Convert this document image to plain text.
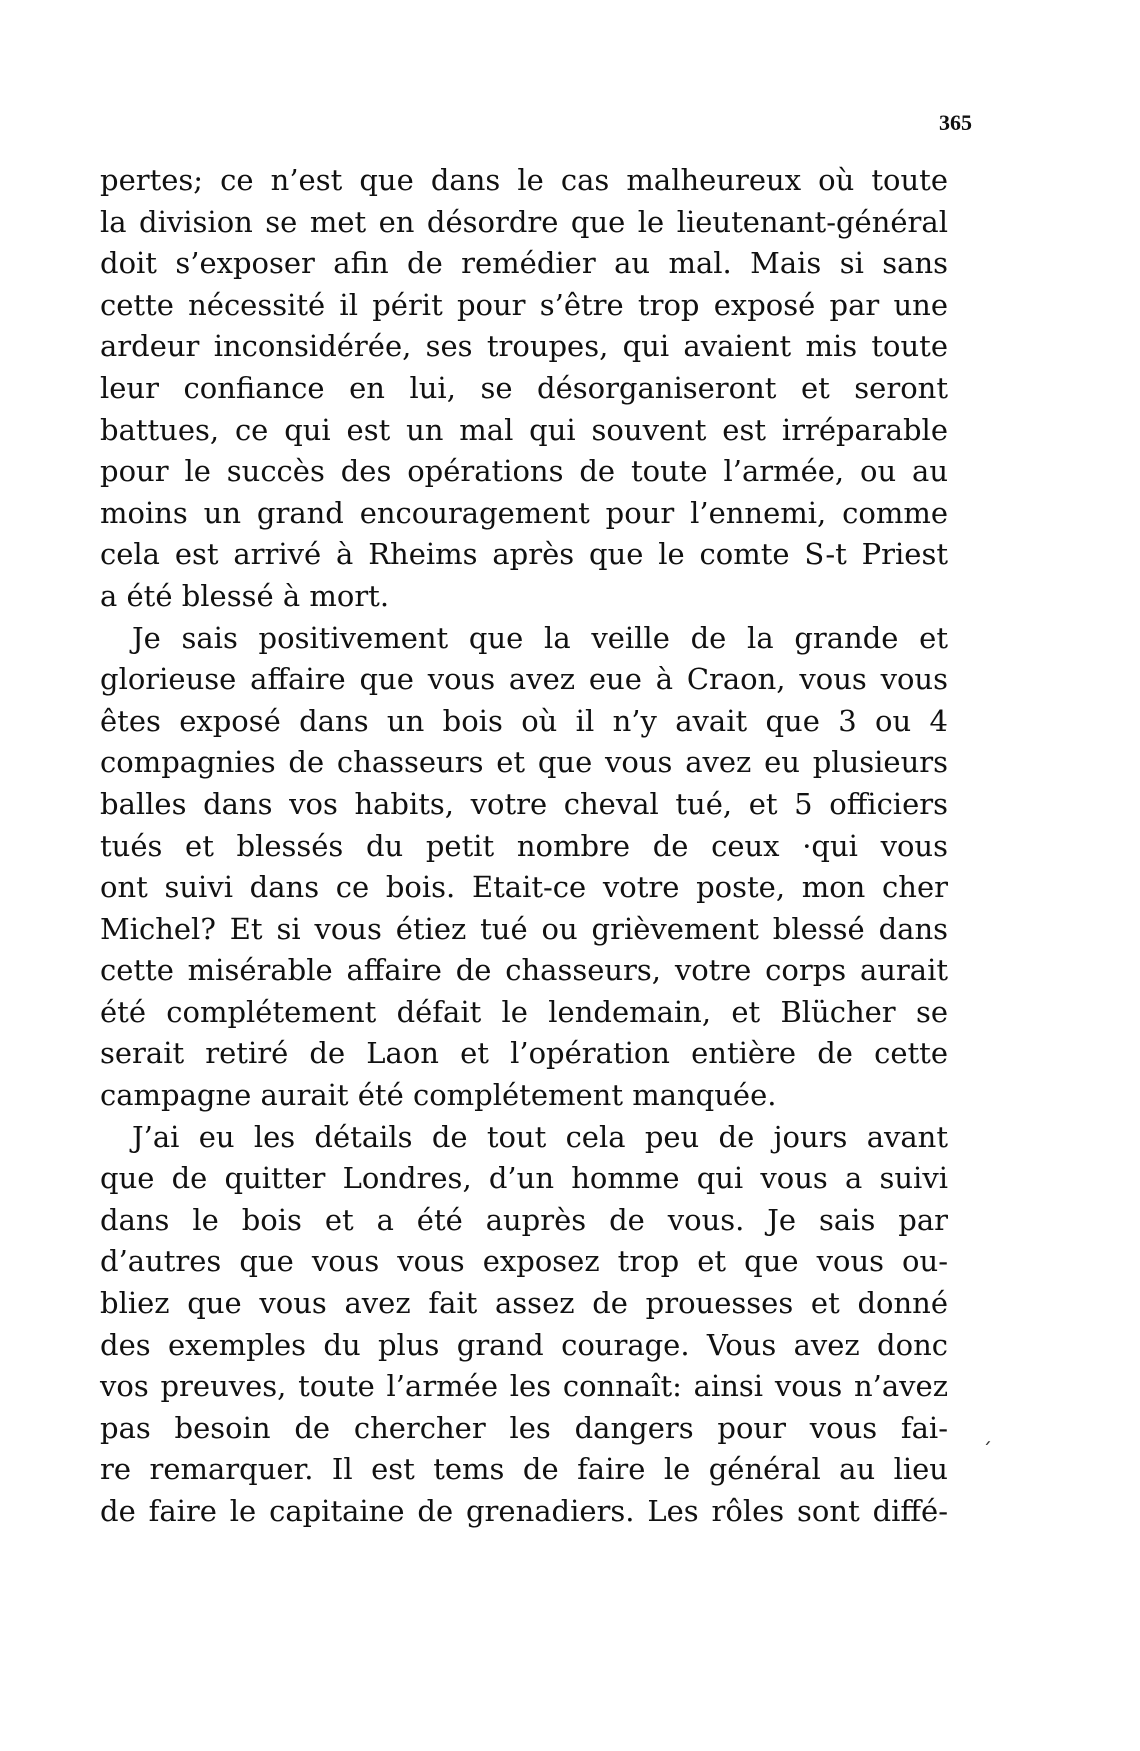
365
pertes; ce n’est que dans le cas malheureux où toute
la division se met en désordre que le lieutenant-général
doit s’exposer afin de remédier au mal. Mais si sans
cette nécessité il périt pour s’être trop exposé par une
ardeur inconsidérée, ses troupes, qui avaient mis toute
leur confiance en lui, se désorganiseront et seront
battues, ce qui est un mal qui souvent est irréparable
pour le succès des opérations de toute l’armée, ou au
moins un grand encouragement pour l’ennemi, comme
cela est arrivé à Rheims après que le comte S-t Priest
a été blessé à mort.
Je sais positivement que la veille de la grande et
glorieuse affaire que vous avez eue à Craon, vous vous
êtes exposé dans un bois où il n’y avait que 3 ou 4
compagnies de chasseurs et que vous avez eu plusieurs
balles dans vos habits, votre cheval tué, et 5 officiers
tués et blessés du petit nombre de ceux ·qui vous
ont suivi dans ce bois. Etait-ce votre poste, mon cher
Michel? Et si vous étiez tué ou grièvement blessé dans
cette misérable affaire de chasseurs, votre corps aurait
été complétement défait le lendemain, et Blücher se
serait retiré de Laon et l’opération entière de cette
campagne aurait été complétement manquée.
J’ai eu les détails de tout cela peu de jours avant
que de quitter Londres, d’un homme qui vous a suivi
dans le bois et a été auprès de vous. Je sais par
d’autres que vous vous exposez trop et que vous ou-
bliez que vous avez fait assez de prouesses et donné
des exemples du plus grand courage. Vous avez donc
vos preuves, toute l’armée les connaît: ainsi vous n’avez
pas besoin de chercher les dangers pour vous fai-
re remarquer. Il est tems de faire le général au lieu
de faire le capitaine de grenadiers. Les rôles sont diffé-
ˏ
